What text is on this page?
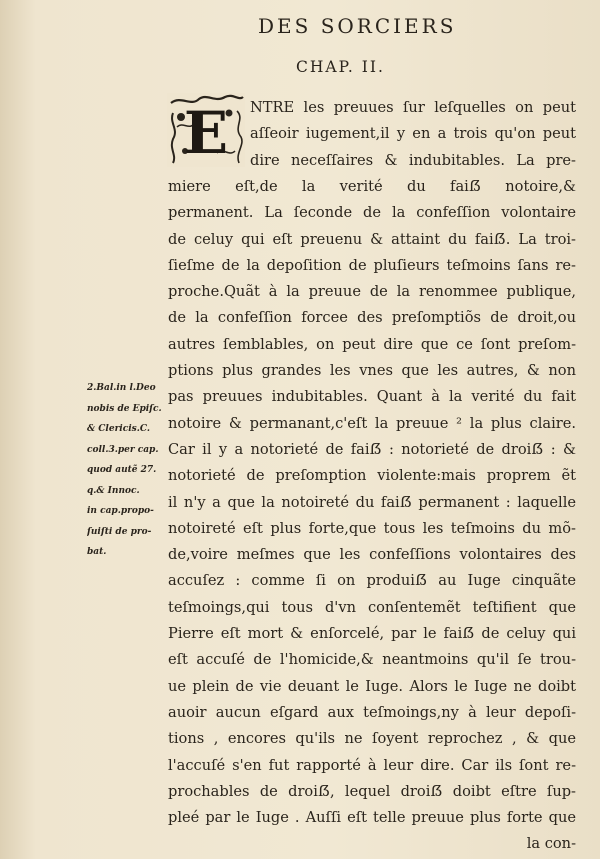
DES SORCIERS
CHAP. II.
E NTRE les preuues ſur leſquelles on peut
aſſeoir iugement,il y en a trois qu'on peut
dire neceſſaires & indubitables. La pre-
miere eſt,de la verité du faiẞ notoire,&
permanent. La ſeconde de la confeſſion volontaire
de celuy qui eſt preuenu & attaint du faiẞ. La troi-
ſieſme de la depoſition de pluſieurs teſmoins ſans re-
proche.Quãt à la preuue de la renommee publique,
de la confeſſion forcee des preſomptiõs de droit,ou
autres ſemblables, on peut dire que ce ſont preſom-
ptions plus grandes les vnes que les autres, & non
pas preuues indubitables. Quant à la verité du fait
notoire & permanant,c'eſt la preuue ² la plus claire.
Car il y a notorieté de faiẞ : notorieté de droiẞ : &
notorieté de preſomption violente:mais proprem ẽt
il n'y a que la notoireté du faiẞ permanent : laquelle
notoireté eſt plus forte,que tous les teſmoins du mõ-
de,voire meſmes que les confeſſions volontaires des
accuſez : comme ſi on produiẞ au Iuge cinquãte
teſmoings,qui tous d'vn conſentemẽt teſtifient que
Pierre eſt mort & enſorcelé, par le faiẞ de celuy qui
eſt accuſé de l'homicide,& neantmoins qu'il ſe trou-
ue plein de vie deuant le Iuge. Alors le Iuge ne doibt
auoir aucun eſgard aux teſmoings,ny à leur depoſi-
tions , encores qu'ils ne ſoyent reprochez , & que
l'accuſé s'en fut rapporté à leur dire. Car ils ſont re-
prochables de droiẞ, lequel droiẞ doibt eſtre ſup-
pleé par le Iuge . Auſſi eſt telle preuue plus forte que
la con-
2.Bal.in l.Deo
nobis de Epiſc.
& Clericis.C.
coll.3.per cap.
quod autẽ 27.
q.& Innoc.
in cap.propo-
ſuiſti de pro-
bat.
